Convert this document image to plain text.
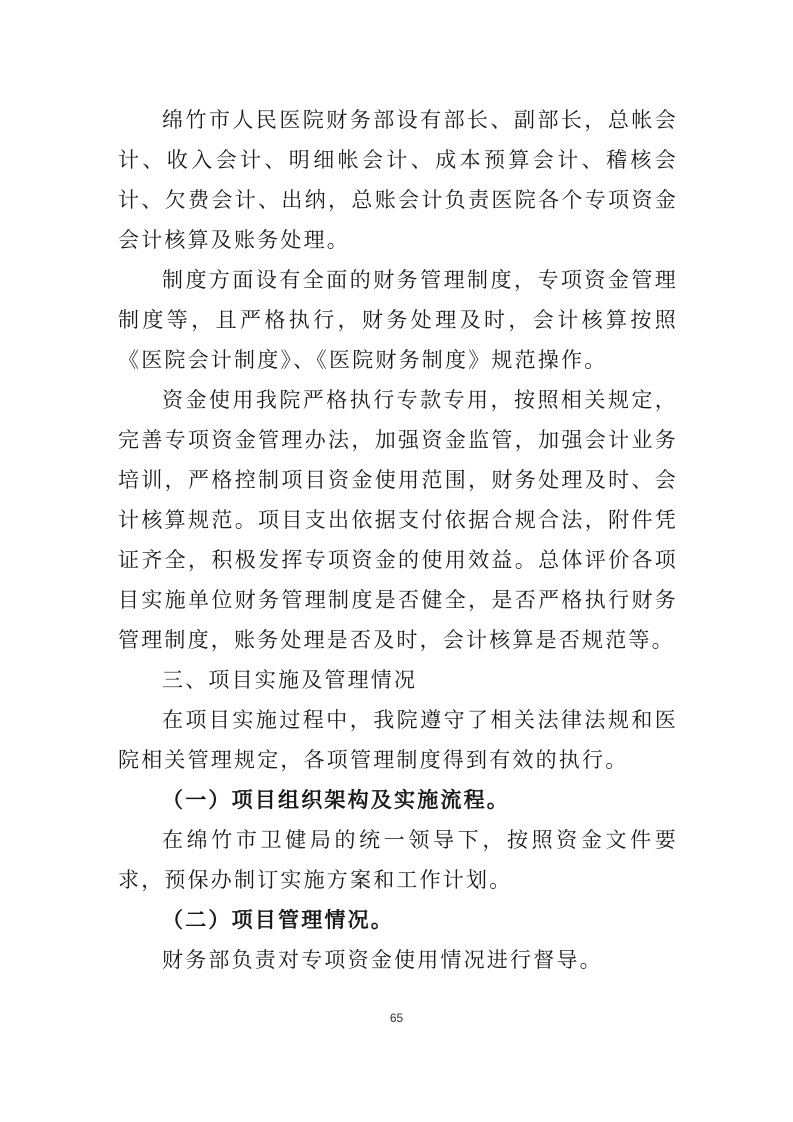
绵竹市人民医院财务部设有部长、副部长，总帐会计、收入会计、明细帐会计、成本预算会计、稽核会计、欠费会计、出纳，总账会计负责医院各个专项资金会计核算及账务处理。

制度方面设有全面的财务管理制度，专项资金管理制度等，且严格执行，财务处理及时，会计核算按照《医院会计制度》、《医院财务制度》规范操作。

资金使用我院严格执行专款专用，按照相关规定，完善专项资金管理办法，加强资金监管，加强会计业务培训，严格控制项目资金使用范围，财务处理及时、会计核算规范。项目支出依据支付依据合规合法，附件凭证齐全，积极发挥专项资金的使用效益。总体评价各项目实施单位财务管理制度是否健全，是否严格执行财务管理制度，账务处理是否及时，会计核算是否规范等。

三、项目实施及管理情况

在项目实施过程中，我院遵守了相关法律法规和医院相关管理规定，各项管理制度得到有效的执行。

（一）项目组织架构及实施流程。

在绵竹市卫健局的统一领导下，按照资金文件要求，预保办制订实施方案和工作计划。

（二）项目管理情况。

财务部负责对专项资金使用情况进行督导。

65
